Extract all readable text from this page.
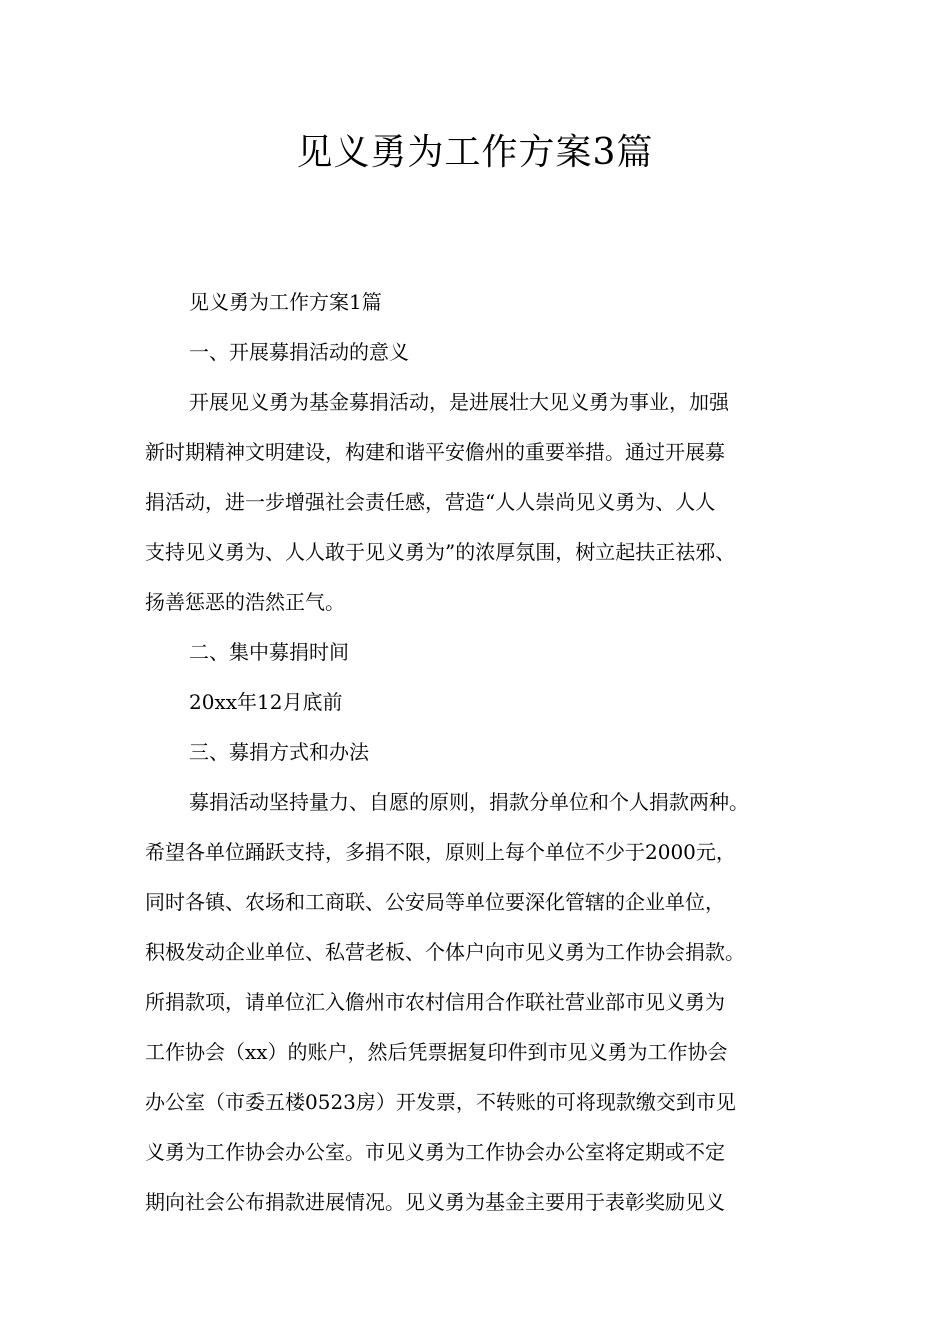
见义勇为工作方案3篇
见义勇为工作方案1篇
一、开展募捐活动的意义
开展见义勇为基金募捐活动，是进展壮大见义勇为事业，加强
新时期精神文明建设，构建和谐平安儋州的重要举措。通过开展募
捐活动，进一步增强社会责任感，营造“人人崇尚见义勇为、人人
支持见义勇为、人人敢于见义勇为”的浓厚氛围，树立起扶正祛邪、
扬善惩恶的浩然正气。
二、集中募捐时间
20xx年12月底前
三、募捐方式和办法
募捐活动坚持量力、自愿的原则，捐款分单位和个人捐款两种。
希望各单位踊跃支持，多捐不限，原则上每个单位不少于2000元，
同时各镇、农场和工商联、公安局等单位要深化管辖的企业单位，
积极发动企业单位、私营老板、个体户向市见义勇为工作协会捐款。
所捐款项，请单位汇入儋州市农村信用合作联社营业部市见义勇为
工作协会（xx）的账户，然后凭票据复印件到市见义勇为工作协会
办公室（市委五楼0523房）开发票，不转账的可将现款缴交到市见
义勇为工作协会办公室。市见义勇为工作协会办公室将定期或不定
期向社会公布捐款进展情况。见义勇为基金主要用于表彰奖励见义
